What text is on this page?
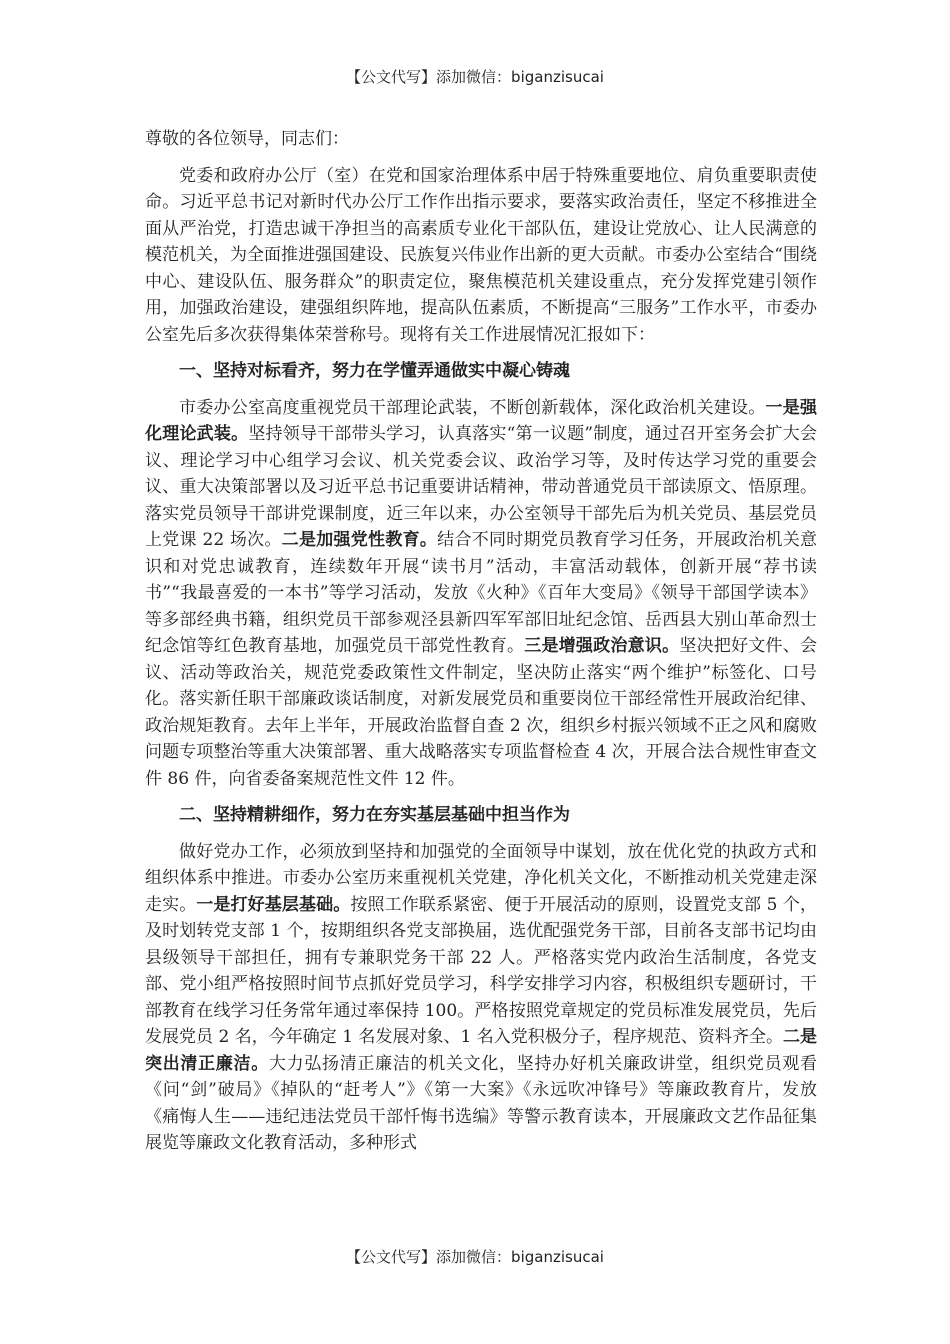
【公文代写】添加微信：biganzisucai

尊敬的各位领导，同志们：

党委和政府办公厅（室）在党和国家治理体系中居于特殊重要地位、肩负重要职责使命。习近平总书记对新时代办公厅工作作出指示要求，要落实政治责任，坚定不移推进全面从严治党，打造忠诚干净担当的高素质专业化干部队伍，建设让党放心、让人民满意的模范机关，为全面推进强国建设、民族复兴伟业作出新的更大贡献。市委办公室结合“围绕中心、建设队伍、服务群众”的职责定位，聚焦模范机关建设重点，充分发挥党建引领作用，加强政治建设，建强组织阵地，提高队伍素质，不断提高“三服务”工作水平，市委办公室先后多次获得集体荣誉称号。现将有关工作进展情况汇报如下：

一、坚持对标看齐，努力在学懂弄通做实中凝心铸魂

市委办公室高度重视党员干部理论武装，不断创新载体，深化政治机关建设。一是强化理论武装。坚持领导干部带头学习，认真落实“第一议题”制度，通过召开室务会扩大会议、理论学习中心组学习会议、机关党委会议、政治学习等，及时传达学习党的重要会议、重大决策部署以及习近平总书记重要讲话精神，带动普通党员干部读原文、悟原理。落实党员领导干部讲党课制度，近三年以来，办公室领导干部先后为机关党员、基层党员上党课 22 场次。二是加强党性教育。结合不同时期党员教育学习任务，开展政治机关意识和对党忠诚教育，连续数年开展“读书月”活动，丰富活动载体，创新开展“荐书读书”“我最喜爱的一本书”等学习活动，发放《火种》《百年大变局》《领导干部国学读本》等多部经典书籍，组织党员干部参观泾县新四军军部旧址纪念馆、岳西县大别山革命烈士纪念馆等红色教育基地，加强党员干部党性教育。三是增强政治意识。坚决把好文件、会议、活动等政治关，规范党委政策性文件制定，坚决防止落实“两个维护”标签化、口号化。落实新任职干部廉政谈话制度，对新发展党员和重要岗位干部经常性开展政治纪律、政治规矩教育。去年上半年，开展政治监督自查 2 次，组织乡村振兴领域不正之风和腐败问题专项整治等重大决策部署、重大战略落实专项监督检查 4 次，开展合法合规性审查文件 86 件，向省委备案规范性文件 12 件。

二、坚持精耕细作，努力在夯实基层基础中担当作为

做好党办工作，必须放到坚持和加强党的全面领导中谋划，放在优化党的执政方式和组织体系中推进。市委办公室历来重视机关党建，净化机关文化，不断推动机关党建走深走实。一是打好基层基础。按照工作联系紧密、便于开展活动的原则，设置党支部 5 个，及时划转党支部 1 个，按期组织各党支部换届，选优配强党务干部，目前各支部书记均由县级领导干部担任，拥有专兼职党务干部 22 人。严格落实党内政治生活制度，各党支部、党小组严格按照时间节点抓好党员学习，科学安排学习内容，积极组织专题研讨，干部教育在线学习任务常年通过率保持 100。严格按照党章规定的党员标准发展党员，先后发展党员 2 名，今年确定 1 名发展对象、1 名入党积极分子，程序规范、资料齐全。二是突出清正廉洁。大力弘扬清正廉洁的机关文化，坚持办好机关廉政讲堂，组织党员观看《问“剑”破局》《掉队的“赶考人”》《第一大案》《永远吹冲锋号》等廉政教育片，发放《痛悔人生——违纪违法党员干部忏悔书选编》等警示教育读本，开展廉政文艺作品征集展览等廉政文化教育活动，多种形式

【公文代写】添加微信：biganzisucai
